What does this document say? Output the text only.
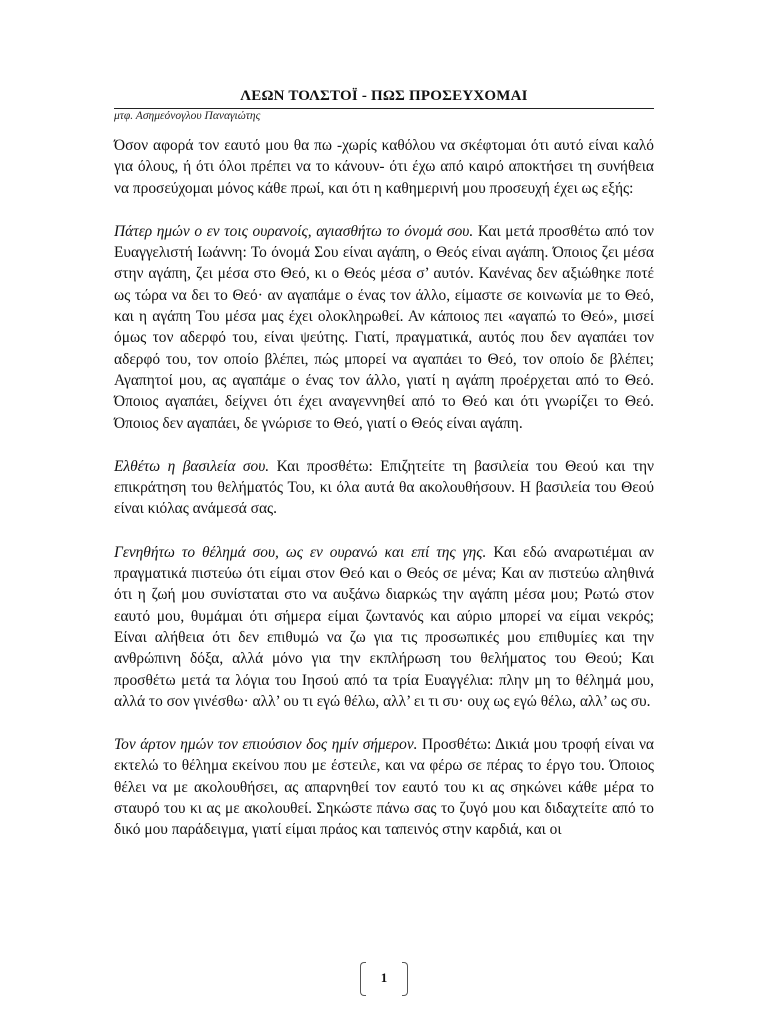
ΛΕΩΝ ΤΟΛΣΤΟΪ - ΠΩΣ ΠΡΟΣΕΥΧΟΜΑΙ
μτφ. Ασημεόνογλου Παναγιώτης

Όσον αφορά τον εαυτό μου θα πω -χωρίς καθόλου να σκέφτομαι ότι αυτό είναι καλό για όλους, ή ότι όλοι πρέπει να το κάνουν- ότι έχω από καιρό αποκτήσει τη συνήθεια να προσεύχομαι μόνος κάθε πρωί, και ότι η καθημερινή μου προσευχή έχει ως εξής:

Πάτερ ημών ο εν τοις ουρανοίς, αγιασθήτω το όνομά σου. Και μετά προσθέτω από τον Ευαγγελιστή Ιωάννη: Το όνομά Σου είναι αγάπη, ο Θεός είναι αγάπη. Όποιος ζει μέσα στην αγάπη, ζει μέσα στο Θεό, κι ο Θεός μέσα σ’ αυτόν. Κανένας δεν αξιώθηκε ποτέ ως τώρα να δει το Θεό· αν αγαπάμε ο ένας τον άλλο, είμαστε σε κοινωνία με το Θεό, και η αγάπη Του μέσα μας έχει ολοκληρωθεί. Αν κάποιος πει «αγαπώ το Θεό», μισεί όμως τον αδερφό του, είναι ψεύτης. Γιατί, πραγματικά, αυτός που δεν αγαπάει τον αδερφό του, τον οποίο βλέπει, πώς μπορεί να αγαπάει το Θεό, τον οποίο δε βλέπει; Αγαπητοί μου, ας αγαπάμε ο ένας τον άλλο, γιατί η αγάπη προέρχεται από το Θεό. Όποιος αγαπάει, δείχνει ότι έχει αναγεννηθεί από το Θεό και ότι γνωρίζει το Θεό. Όποιος δεν αγαπάει, δε γνώρισε το Θεό, γιατί ο Θεός είναι αγάπη.

Ελθέτω η βασιλεία σου. Και προσθέτω: Επιζητείτε τη βασιλεία του Θεού και την επικράτηση του θελήματός Του, κι όλα αυτά θα ακολουθήσουν. Η βασιλεία του Θεού είναι κιόλας ανάμεσά σας.

Γενηθήτω το θέλημά σου, ως εν ουρανώ και επί της γης. Και εδώ αναρωτιέμαι αν πραγματικά πιστεύω ότι είμαι στον Θεό και ο Θεός σε μένα; Και αν πιστεύω αληθινά ότι η ζωή μου συνίσταται στο να αυξάνω διαρκώς την αγάπη μέσα μου; Ρωτώ στον εαυτό μου, θυμάμαι ότι σήμερα είμαι ζωντανός και αύριο μπορεί να είμαι νεκρός; Είναι αλήθεια ότι δεν επιθυμώ να ζω για τις προσωπικές μου επιθυμίες και την ανθρώπινη δόξα, αλλά μόνο για την εκπλήρωση του θελήματος του Θεού; Και προσθέτω μετά τα λόγια του Ιησού από τα τρία Ευαγγέλια: πλην μη το θέλημά μου, αλλά το σον γινέσθω· αλλ’ ου τι εγώ θέλω, αλλ’ ει τι συ· ουχ ως εγώ θέλω, αλλ’ ως συ.

Τον άρτον ημών τον επιούσιον δος ημίν σήμερον. Προσθέτω: Δικιά μου τροφή είναι να εκτελώ το θέλημα εκείνου που με έστειλε, και να φέρω σε πέρας το έργο του. Όποιος θέλει να με ακολουθήσει, ας απαρνηθεί τον εαυτό του κι ας σηκώνει κάθε μέρα το σταυρό του κι ας με ακολουθεί. Σηκώστε πάνω σας το ζυγό μου και διδαχτείτε από το δικό μου παράδειγμα, γιατί είμαι πράος και ταπεινός στην καρδιά, και οι

1
